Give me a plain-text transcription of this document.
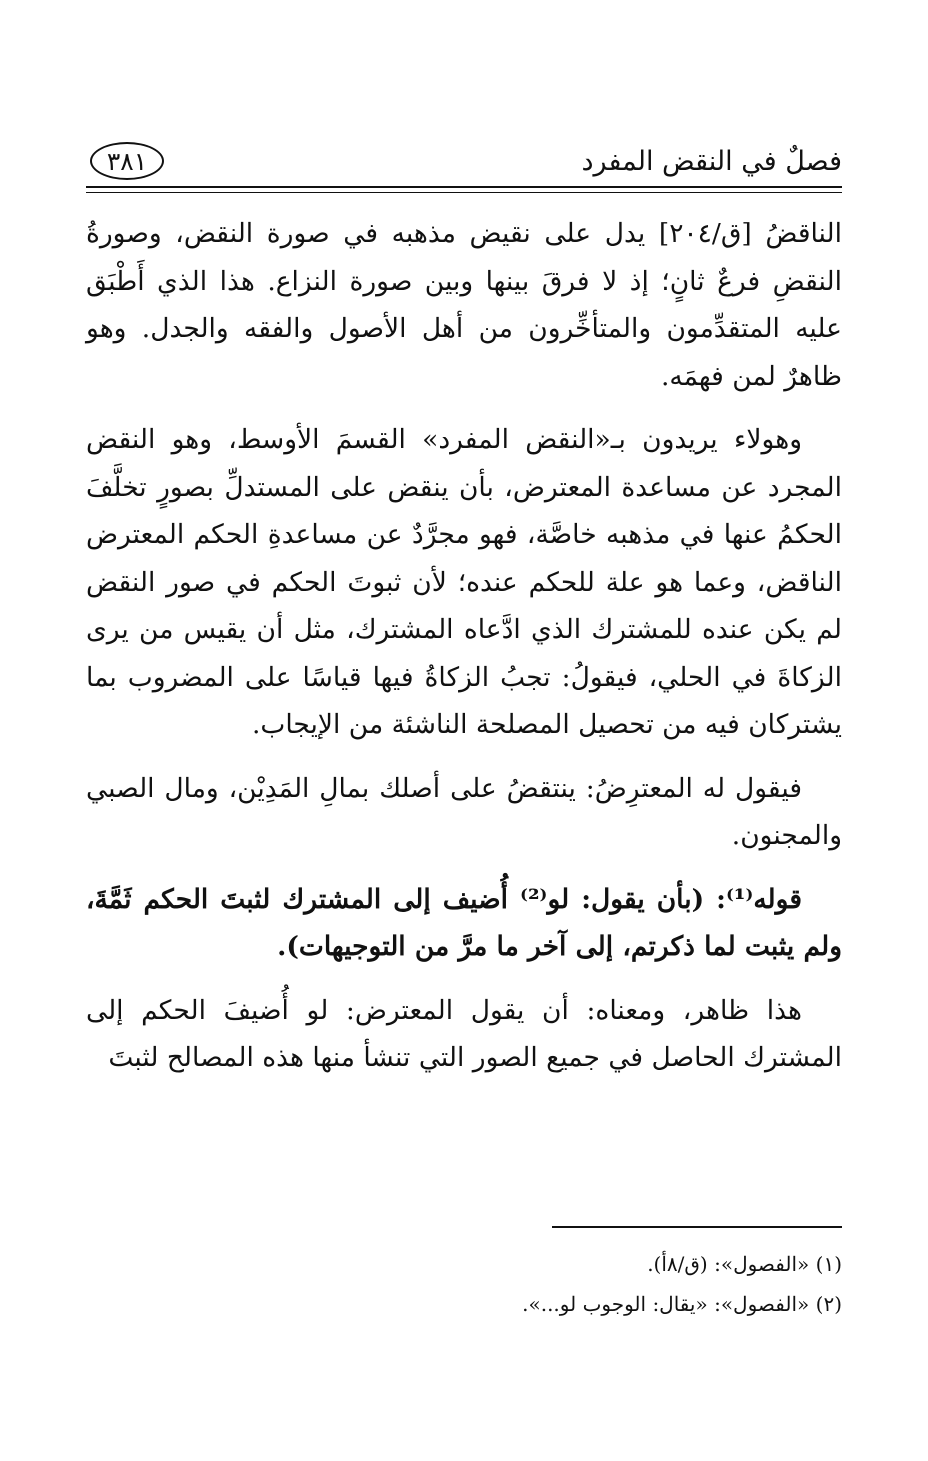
فصلٌ في النقض المفرد
٣٨١

الناقضُ [ق/٢٠٤] يدل على نقيض مذهبه في صورة النقض، وصورةُ النقضِ فرعٌ ثانٍ؛ إذ لا فرقَ بينها وبين صورة النزاع. هذا الذي أَطْبَق عليه المتقدِّمون والمتأخِّرون من أهل الأصول والفقه والجدل. وهو ظاهرٌ لمن فهمَه.

وهولاء يريدون بـ«النقض المفرد» القسمَ الأوسط، وهو النقض المجرد عن مساعدة المعترض، بأن ينقض على المستدلِّ بصورٍ تخلَّفَ الحكمُ عنها في مذهبه خاصَّة، فهو مجرَّدٌ عن مساعدةِ الحكم المعترض الناقض، وعما هو علة للحكم عنده؛ لأن ثبوتَ الحكم في صور النقض لم يكن عنده للمشترك الذي ادَّعاه المشترك، مثل أن يقيس من يرى الزكاةَ في الحلي، فيقولُ: تجبُ الزكاةُ فيها قياسًا على المضروب بما يشتركان فيه من تحصيل المصلحة الناشئة من الإيجاب.

فيقول له المعترِضُ: ينتقضُ على أصلك بمالِ المَدِيْن، ومال الصبي والمجنون.

قوله⁽¹⁾: (بأن يقول: لو⁽²⁾ أُضيف إلى المشترك لثبتَ الحكم ثَمَّةَ، ولم يثبت لما ذكرتم، إلى آخر ما مرَّ من التوجيهات).

هذا ظاهر، ومعناه: أن يقول المعترض: لو أُضيفَ الحكم إلى المشترك الحاصل في جميع الصور التي تنشأ منها هذه المصالح لثبتَ

(١) «الفصول»: (ق/٨أ).

(٢) «الفصول»: «يقال: الوجوب لو...».
